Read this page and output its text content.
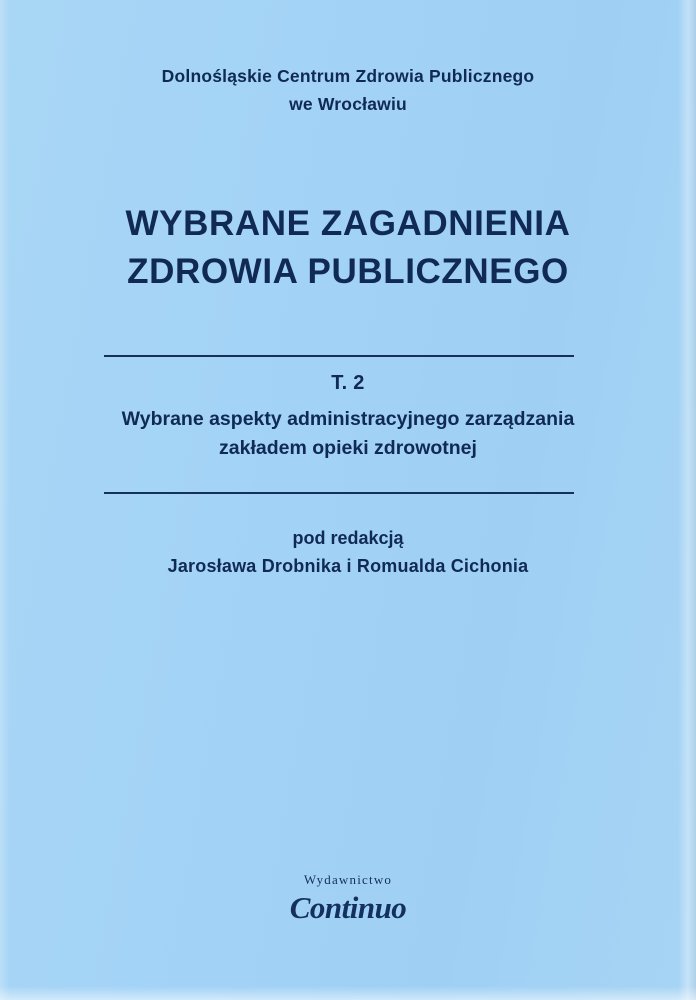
Dolnośląskie Centrum Zdrowia Publicznego
we Wrocławiu
WYBRANE ZAGADNIENIA
ZDROWIA PUBLICZNEGO
T. 2
Wybrane aspekty administracyjnego zarządzania
zakładem opieki zdrowotnej
pod redakcją
Jarosława Drobnika i Romualda Cichonia
Wydawnictwo
Continuo
